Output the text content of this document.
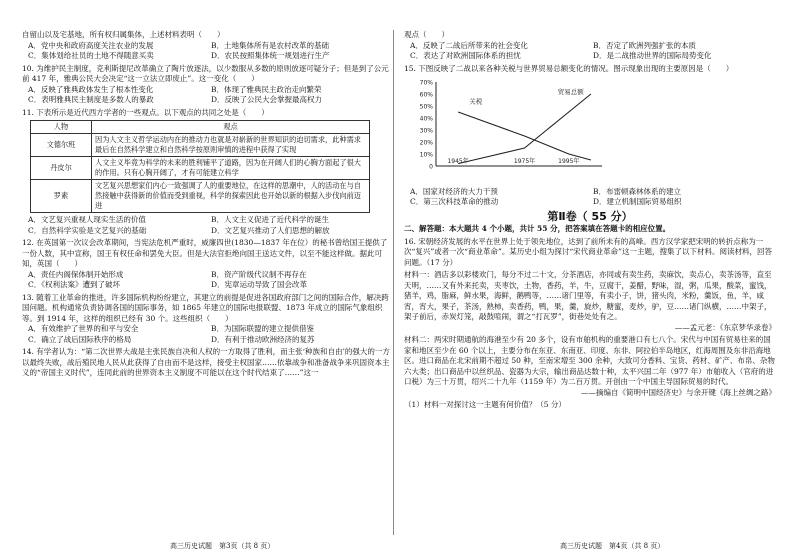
自留山以及宅基地，所有权归属集体，上述材料表明（　　）

A．党中央和政府高度关注农业的发展	B．土地集体所有是农村改革的基础
C．集体划给社员的土地不得随意买卖	D．农民按照集体统一规划进行生产

10. 为维护民主制度，克利斯提尼改革确立了陶片放逐法，以少数服从多数的原则放逐可疑分子；但是到了公元前 417 年，雅典公民大会决定“这一立法立即废止”。这一变化（　　）

A．反映了雅典政体发生了根本性变化	B．体现了雅典民主政治走向繁荣
C．表明雅典民主制度是多数人的暴政	D．反映了公民大会掌握最高权力

11. 下表所示是近代西方学者的一些观点。以下观点的共同之处是（　　）

人物	观点
文德尔班	因为人文主义哲学运动内在的推动力也就是对崭新的世界知识的迫切需求，此种需求最后在自然科学建立和自然科学按原则审慎的进程中获得了实现
丹皮尔	人文主义毕竟为科学的未来的胜利铺平了道路，因为在开阔人们的心胸方面起了很大的作用。只有心胸开阔了，才有可能建立科学
罗素	文艺复兴思想家们内心一致强调了人的重要地位，在这样的思潮中，人的活动在与自然接触中获得新的价值而受到重视，科学的探索因此也开始以新的根据入步伐向前迈进
A．文艺复兴重视人现实生活的价值	B．人文主义促进了近代科学的诞生
C．自然科学实验是文艺复兴的基础	D．文艺复兴推动了人们思想的解放

12. 在英国第一次议会改革期间，当宪法危机严重时，威廉四世(1830—1837 年在位）的秘书曾给国王提供了一份人数，其中宣称，国王有权任命和罢免大臣。但是大法官拒绝向国王送达文件，以至不能这样做。据此可知，英国（　　）

A．责任内阁保体制开始形成	B．资产阶级代议制不再存在
C．《权利法案》遭到了破坏	D．宪章运动导致了国会改革

13. 随着工业革命的推进，许多国际机构纷纷建立，其建立的前提是促进各国政府部门之间的国际合作，解决跨国问题。机构通常负责协调各国的国际事务，如 1865 年建立的国际电报联盟、1873 年成立的国际气象组织等。到 1914 年，这样的组织已经有 30 个。这些组织（　　）

A．有效维护了世界的和平与安全	B．为国际联盟的建立提供借鉴
C．确立了战后国际秩序的格局	D．有利于推动欧洲经济的复苏

14. 有学者认为：“第二次世界大战是主张民族自决和人权的一方取得了胜利，而主张‘种族和自由’的强大的一方以最终失败，战后殖民地人民从此获得了自由而不是这样，接受主权国家……依靠战争和准备战争来巩固资本主义的“帝国主义时代”，连同此前的世界资本主义制度不可能以在这个时代结束了……”这一

观点（　　）

A．反映了二战后所带来的社会变化	B．否定了欧洲列强扩张的本质
C．表达了对欧洲国际体系的担忧	D．是二战推动世界的国际局势变化

15. 下图反映了二战以来各种关税与世界贸易总额变化的情况。图示现象出现的主要原因是（　　）

70%
60%
50%
40%
30%
20%
10%
0
1945年	1975年	1995年
关税
贸易总额
A．国家对经济的大力干预	B．布雷顿森林体系的建立
C．第三次科技革命的推动	D．建立机制国际贸易组织
第Ⅱ卷（ 55 分）

二、解答题：本大题共 4 个小题，共计 55 分，把答案填在答题卡的相应位置。

16. 宋朝经济发展的水平在世界上处于领先地位，达到了前所未有的高峰。西方汉学家把宋明的转折点称为一次“复兴”或者一次“商业革命”。某历史小组为探讨“宋代商业革命”这一主题，搜集了以下材料。阅读材料，回答问题。（17 分）

材料一：酒店多以彩楼欢门，每分不过二十文，分茶酒店，亦同或有卖生药，卖麻饮，卖点心，卖茶汤等，直至天明，……又有外来托卖，夹枣饮，土物，香药，羊，牛，豆腐干，姜醋，野味，湿，粥，瓜果，酸菜，蜜饯，猪羊，鸡，脂麻，鲜水果，海鲜，鹅鸭等，……诸门里等，有卖小子，饼，猪头肉，米粉，羹饭，鱼，羊，咸宵，宵大，果子，茶汤，熟柿，卖香药，鸭，果，羹，旋炒，糖蜜，麦炒，驴，豆……诸门纵横，……中架子，架子前后，赤炭灯笼，敲鼓喧闹，谓之“打瓦罗”，街巷处处有之。

——孟元老：《东京梦华录卷》

材料二：两宋时期通航的海港至少有 20 多个，设有市舶机构的重要港口有七八个。宋代与中国有贸易往来的国家和地区至少在 60 个以上，主要分布在东亚、东南亚、印度、东非、阿拉伯半岛地区，红海周围及东非沿海地区。进口商品在北宋前期不超过 50 种，至南宋增至 300 余种，大致可分香料、宝货、药材、矿产、布帛、杂物六大类；出口商品中以丝织品、瓷器为大宗，输出商品达数十种，太平兴国二年（977 年）市舶收入（官府的进口税）为三十万贯，绍兴二十九年（1159 年）为二百万贯。开创由一个中国主导国际贸易的时代。

——摘编自《简明中国经济史》与余开键《海上丝绸之路》

（1）材料一对探讨这一主题有何价值？（5 分）

高三历史试题　第3页（共 8 页）	高三历史试题　第4页（共 8 页）
